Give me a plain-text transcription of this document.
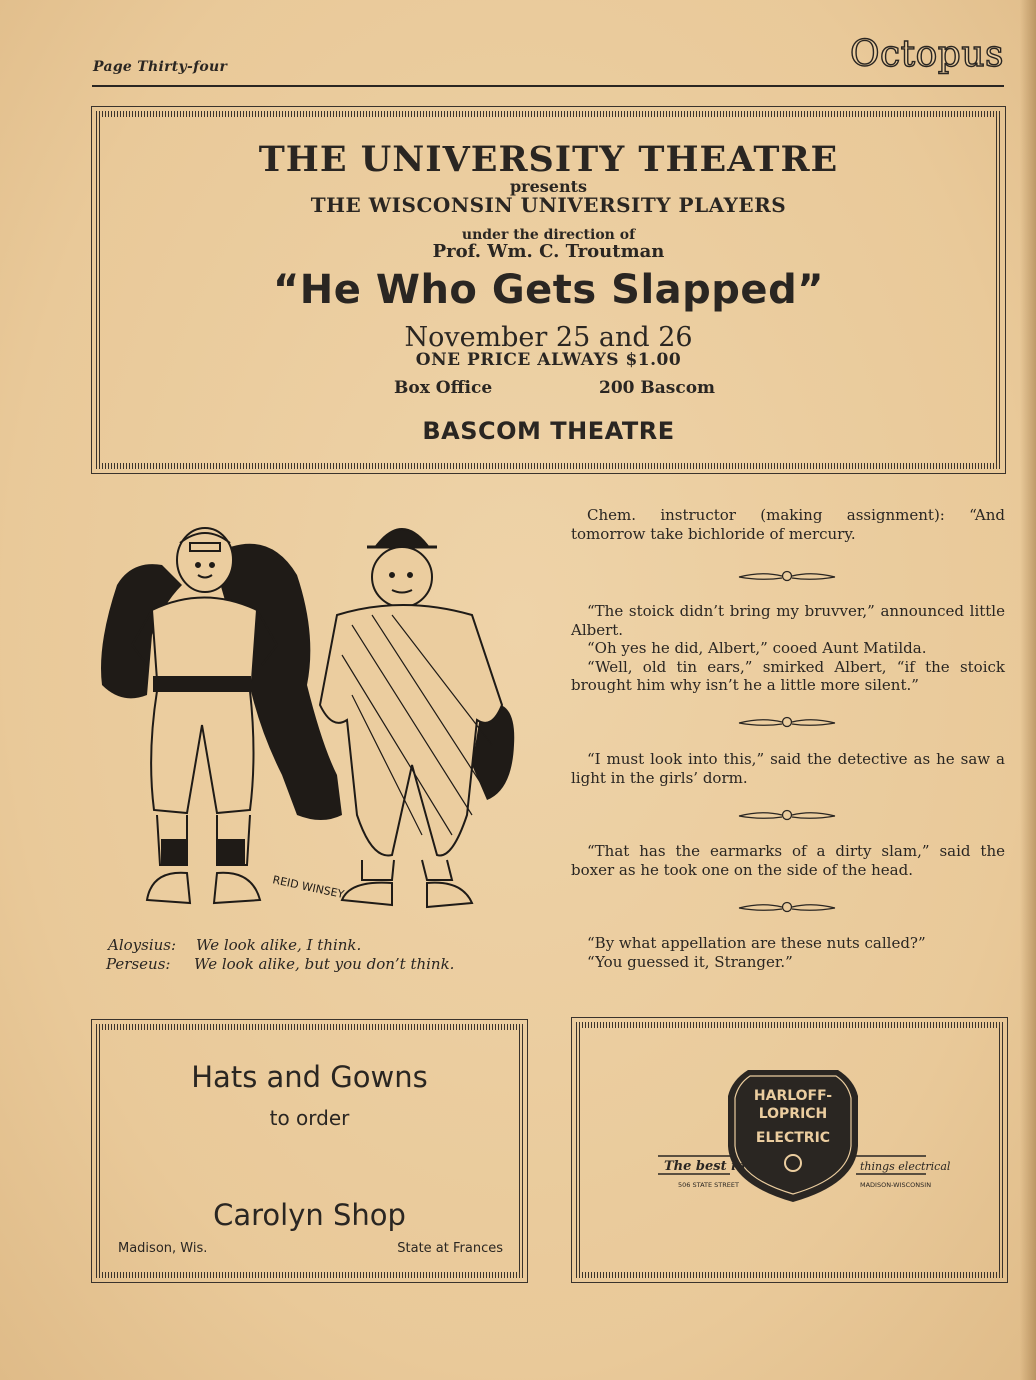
Page Thirty-four	Octopus
THE UNIVERSITY THEATRE
presents
THE WISCONSIN UNIVERSITY PLAYERS
under the direction of
Prof. Wm. C. Troutman
“He Who Gets Slapped”
November 25 and 26
ONE PRICE ALWAYS $1.00
Box Office	200 Bascom
BASCOM THEATRE
REID WINSEY
Aloysius: We look alike, I think.
Perseus: We look alike, but you don’t think.

Chem. instructor (making assignment): “And tomorrow take bichloride of mercury.

“The stoick didn’t bring my bruvver,” announced little Albert.

“Oh yes he did, Albert,” cooed Aunt Matilda.

“Well, old tin ears,” smirked Albert, “if the stoick brought him why isn’t he a little more silent.”

“I must look into this,” said the detective as he saw a light in the girls’ dorm.

“That has the earmarks of a dirty slam,” said the boxer as he took one on the side of the head.

“By what appellation are these nuts called?”

“You guessed it, Stranger.”

Hats and Gowns
to order
Carolyn Shop
Madison, Wis.	State at Frances
HARLOFF-
LOPRICH
ELECTRIC
The best in	things electrical
506 STATE STREET	MADISON-WISCONSIN
